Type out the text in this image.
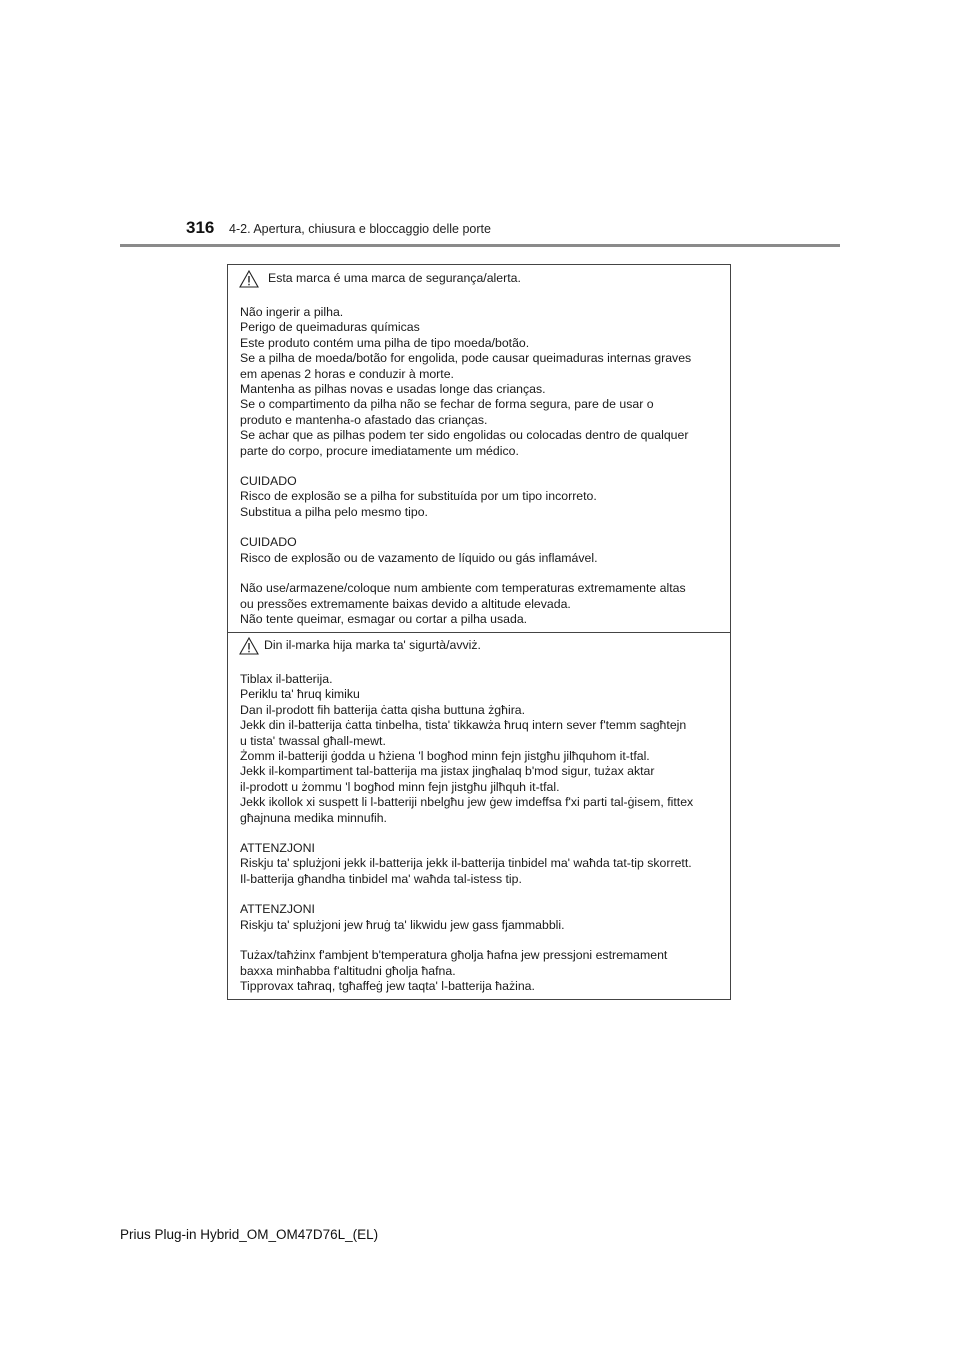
316 4-2. Apertura, chiusura e bloccaggio delle porte
Esta marca é uma marca de segurança/alerta.
Não ingerir a pilha.
Perigo de queimaduras químicas
Este produto contém uma pilha de tipo moeda/botão.
Se a pilha de moeda/botão for engolida, pode causar queimaduras internas graves
em apenas 2 horas e conduzir à morte.
Mantenha as pilhas novas e usadas longe das crianças.
Se o compartimento da pilha não se fechar de forma segura, pare de usar o
produto e mantenha-o afastado das crianças.
Se achar que as pilhas podem ter sido engolidas ou colocadas dentro de qualquer
parte do corpo, procure imediatamente um médico.
CUIDADO
Risco de explosão se a pilha for substituída por um tipo incorreto.
Substitua a pilha pelo mesmo tipo.
CUIDADO
Risco de explosão ou de vazamento de líquido ou gás inflamável.
Não use/armazene/coloque num ambiente com temperaturas extremamente altas
ou pressões extremamente baixas devido a altitude elevada.
Não tente queimar, esmagar ou cortar a pilha usada.
Din il-marka hija marka ta' sigurtà/avviż.
Tiblax il-batterija.
Periklu ta' ħruq kimiku
Dan il-prodott fih batterija ċatta qisha buttuna żgħira.
Jekk din il-batterija ċatta tinbelha, tista' tikkawża ħruq intern sever f'temm sagħtejn
u tista' twassal għall-mewt.
Żomm il-batteriji ġodda u ħżiena 'l bogħod minn fejn jistgħu jilħquhom it-tfal.
Jekk il-kompartiment tal-batterija ma jistax jingħalaq b'mod sigur, tużax aktar
il-prodott u żommu 'l bogħod minn fejn jistgħu jilħquh it-tfal.
Jekk ikollok xi suspett li l-batteriji nbelgħu jew ġew imdeffsa f'xi parti tal-ġisem, fittex
għajnuna medika minnufih.
ATTENZJONI
Riskju ta' splużjoni jekk il-batterija jekk il-batterija tinbidel ma' waħda tat-tip skorrett.
Il-batterija għandha tinbidel ma' waħda tal-istess tip.
ATTENZJONI
Riskju ta' splużjoni jew ħruġ ta' likwidu jew gass fjammabbli.
Tużax/taħżinx f'ambjent b'temperatura għolja ħafna jew pressjoni estremament
baxxa minħabba f'altitudni għolja ħafna.
Tipprovax taħraq, tgħaffeġ jew taqta' l-batterija ħażina.
Prius Plug-in Hybrid_OM_OM47D76L_(EL)
